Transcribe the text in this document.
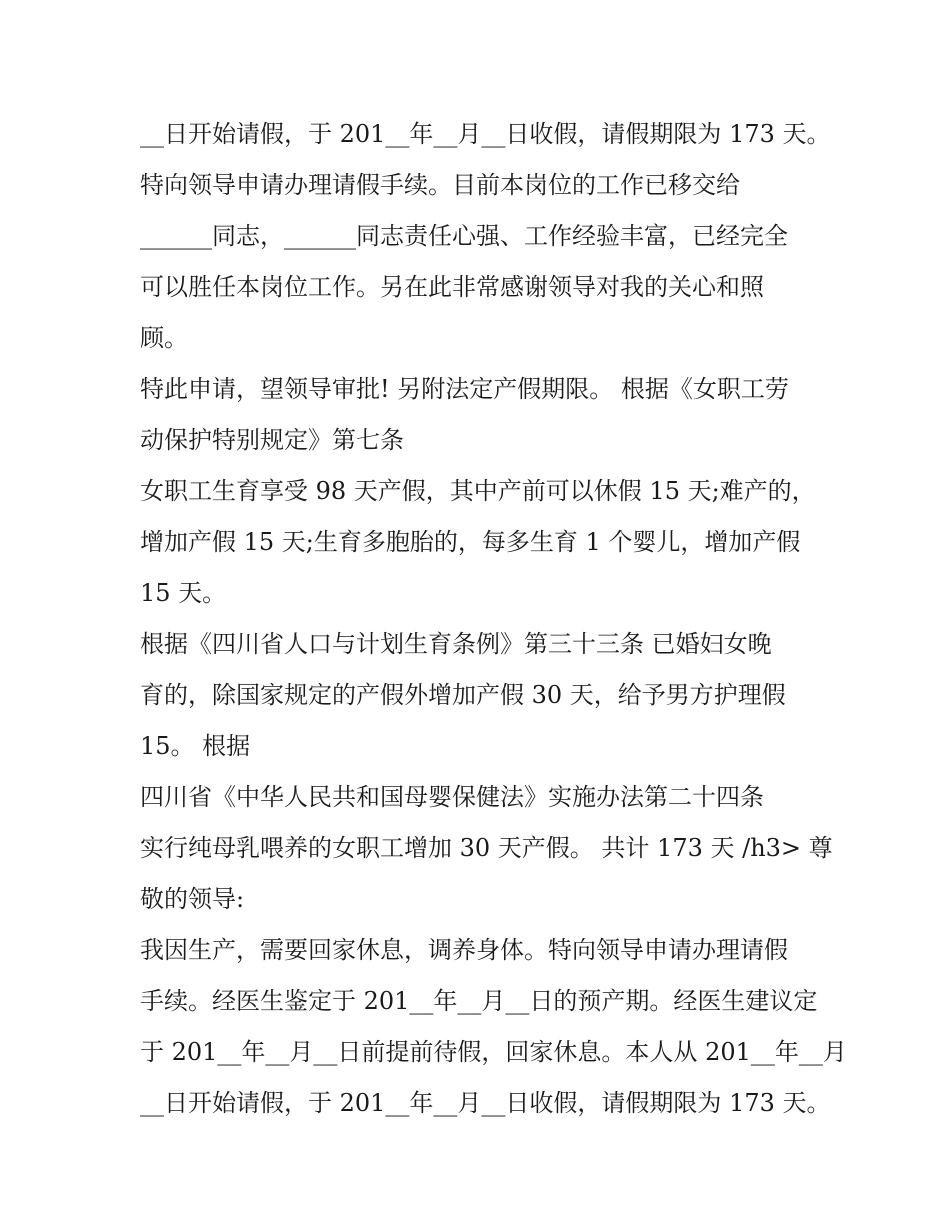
__日开始请假，于 201__年__月__日收假，请假期限为 173 天。
特向领导申请办理请假手续。目前本岗位的工作已移交给
______同志，______同志责任心强、工作经验丰富，已经完全
可以胜任本岗位工作。另在此非常感谢领导对我的关心和照
顾。
特此申请，望领导审批! 另附法定产假期限。 根据《女职工劳
动保护特别规定》第七条
女职工生育享受 98 天产假，其中产前可以休假 15 天;难产的，
增加产假 15 天;生育多胞胎的，每多生育 1 个婴儿，增加产假
15 天。
根据《四川省人口与计划生育条例》第三十三条 已婚妇女晚
育的，除国家规定的产假外增加产假 30 天，给予男方护理假
15。 根据
四川省《中华人民共和国母婴保健法》实施办法第二十四条
实行纯母乳喂养的女职工增加 30 天产假。 共计 173 天 /h3> 尊
敬的领导:
我因生产，需要回家休息，调养身体。特向领导申请办理请假
手续。经医生鉴定于 201__年__月__日的预产期。经医生建议定
于 201__年__月__日前提前待假，回家休息。本人从 201__年__月
__日开始请假，于 201__年__月__日收假，请假期限为 173 天。
